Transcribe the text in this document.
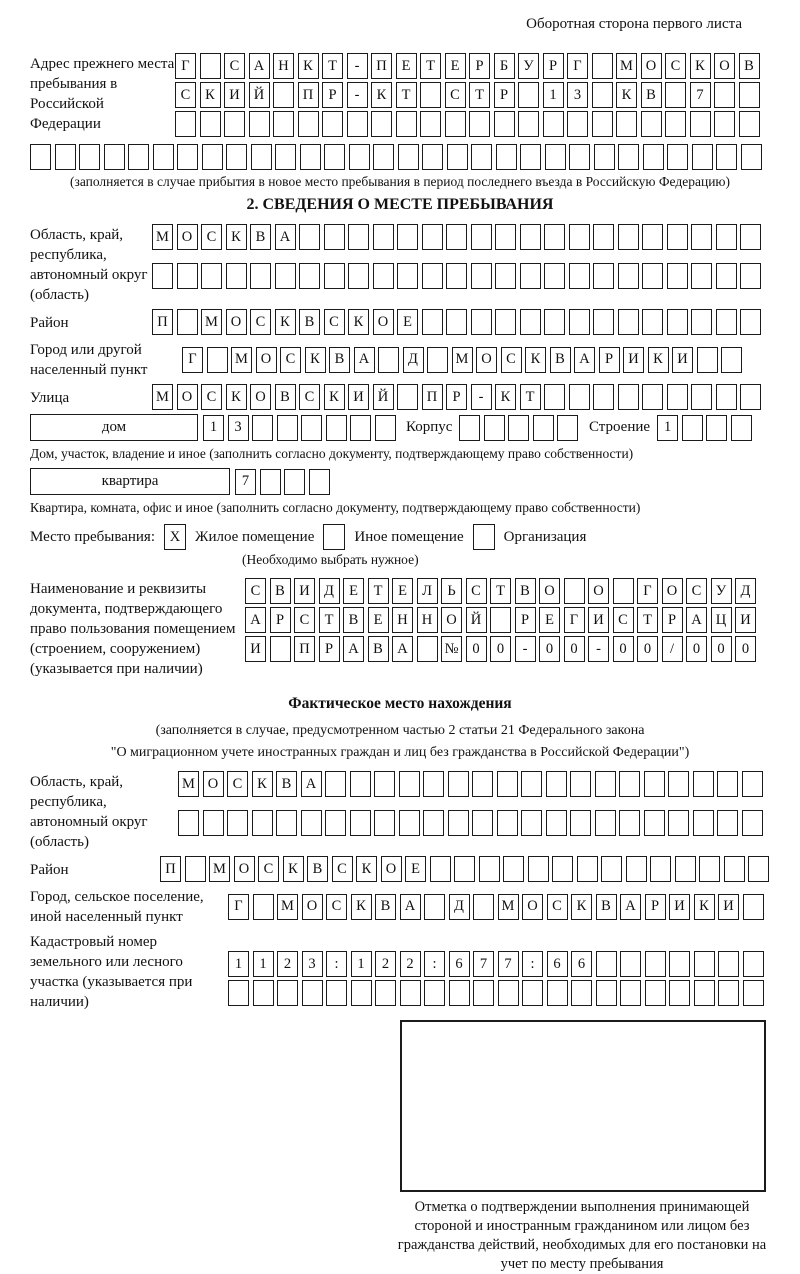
Оборотная сторона первого листа
Адрес прежнего места пребывания в Российской Федерации
Г	С А Н К	Т	-	П	Е	Т	Е	Р	Б	У	Р	Г	М О С	К О В
С	К И Й	П	Р	-	К	Т	С	Т	Р	1	3	К	В	7
(заполняется в случае прибытия в новое место пребывания в период последнего въезда в Российскую Федерацию)
2. СВЕДЕНИЯ О МЕСТЕ ПРЕБЫВАНИЯ
Область, край, республика, автономный округ (область)
М О С	К	В А
Район	П	М О С	К	В	С	К О	Е
Город или другой населенный пункт
Г	М О С	К	В А	Д	М О С	К	В А	Р	И К И
Улица	М О С	К О В	С	К И Й	П	Р	-	К	Т
дом	1	3	Корпус	Строение 1
Дом, участок, владение и иное (заполнить согласно документу, подтверждающему право собственности)
квартира	7
Квартира, комната, офис и иное (заполнить согласно документу, подтверждающему право собственности)
Место пребывания:	X Жилое помещение	Иное помещение	Организация
(Необходимо выбрать нужное)
Наименование и реквизиты документа, подтверждающего право пользования помещением (строением, сооружением) (указывается при наличии)
С	В И Д	Е	Т	Е	Л	Ь	С	Т	В О	О	Г	О С	У Д
А	Р	С	Т	В	Е	Н Н О Й	Р	Е	Г	И С	Т	Р	А Ц И
И	П	Р	А В А	№ 0	0	-	0	0	-	0	0	/	0	0	0
Фактическое место нахождения
(заполняется в случае, предусмотренном частью 2 статьи 21 Федерального закона
"О миграционном учете иностранных граждан и лиц без гражданства в Российской Федерации")
Область, край, республика, автономный округ (область)
М О С	К	В А
Район	П	М О С	К	В	С	К О	Е
Город, сельское поселение, иной населенный пункт
Г	М О С	К	В А	Д	М О С	К	В А	Р	И К И
Кадастровый номер земельного или лесного участка (указывается при наличии)
1	1	2	3	:	1	2	2	:	6	7	7	:	6	6
Отметка о подтверждении выполнения принимающей стороной и иностранным гражданином или лицом без гражданства действий, необходимых для его постановки на учет по месту пребывания
